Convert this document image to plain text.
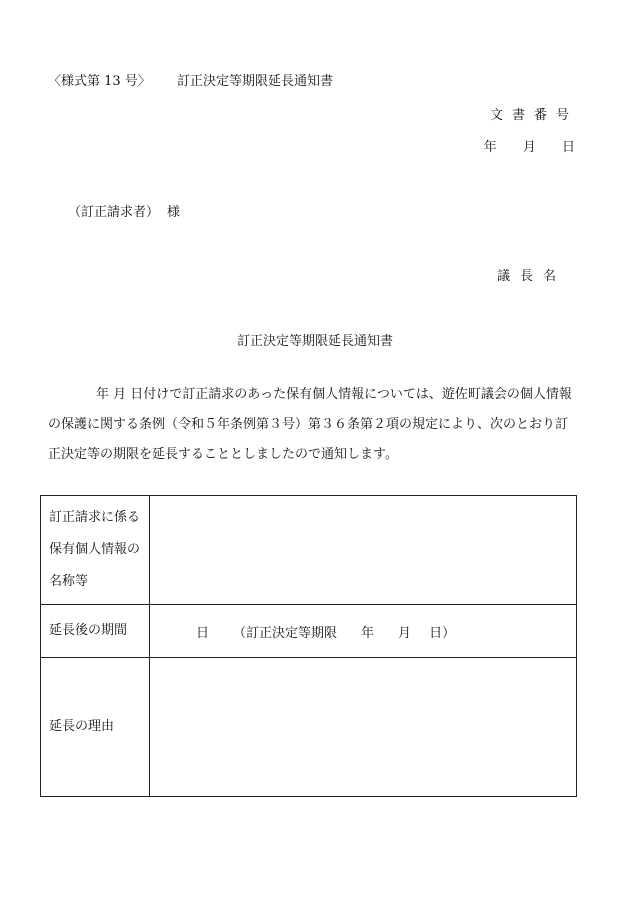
〈様式第 13 号〉 訂正決定等期限延長通知書
文書番号
年 月 日
（訂正請求者） 様
議長名
訂正決定等期限延長通知書
年 月 日付けで訂正請求のあった保有個人情報については、遊佐町議会の個人情報の保護に関する条例（令和５年条例第３号）第３６条第２項の規定により、次のとおり訂正決定等の期限を延長することとしましたので通知します。
訂正請求に係る保有個人情報の名称等	
延長後の期間	日 （訂正決定等期限 年 月 日）
延長の理由	
